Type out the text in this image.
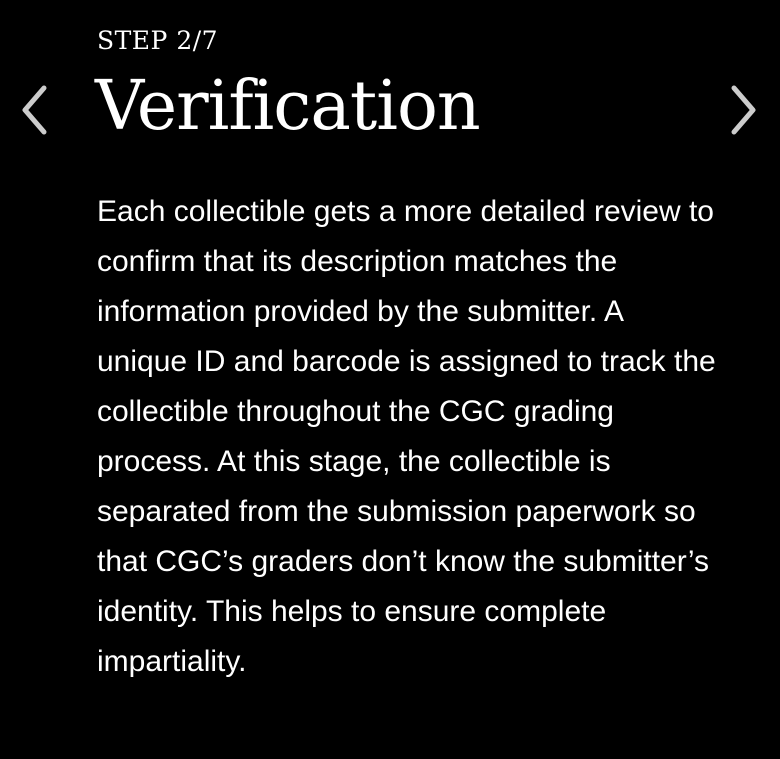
STEP 2/7
Verification

Each collectible gets a more detailed review to confirm that its description matches the information provided by the submitter. A unique ID and barcode is assigned to track the collectible throughout the CGC grading process. At this stage, the collectible is separated from the submission paperwork so that CGC’s graders don’t know the submitter’s identity. This helps to ensure complete impartiality.
